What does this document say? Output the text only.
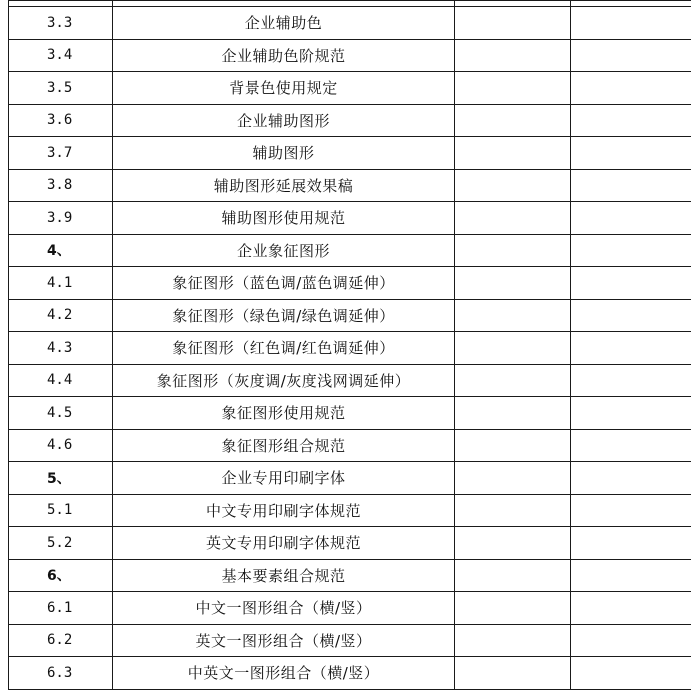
3.3	企业辅助色		
3.4	企业辅助色阶规范		
3.5	背景色使用规定		
3.6	企业辅助图形		
3.7	辅助图形		
3.8	辅助图形延展效果稿		
3.9	辅助图形使用规范		
4、	企业象征图形		
4.1	象征图形（蓝色调/蓝色调延伸）		
4.2	象征图形（绿色调/绿色调延伸）		
4.3	象征图形（红色调/红色调延伸）		
4.4	象征图形（灰度调/灰度浅网调延伸）		
4.5	象征图形使用规范		
4.6	象征图形组合规范		
5、	企业专用印刷字体		
5.1	中文专用印刷字体规范		
5.2	英文专用印刷字体规范		
6、	基本要素组合规范		
6.1	中文一图形组合（横/竖）		
6.2	英文一图形组合（横/竖）		
6.3	中英文一图形组合（横/竖）		
